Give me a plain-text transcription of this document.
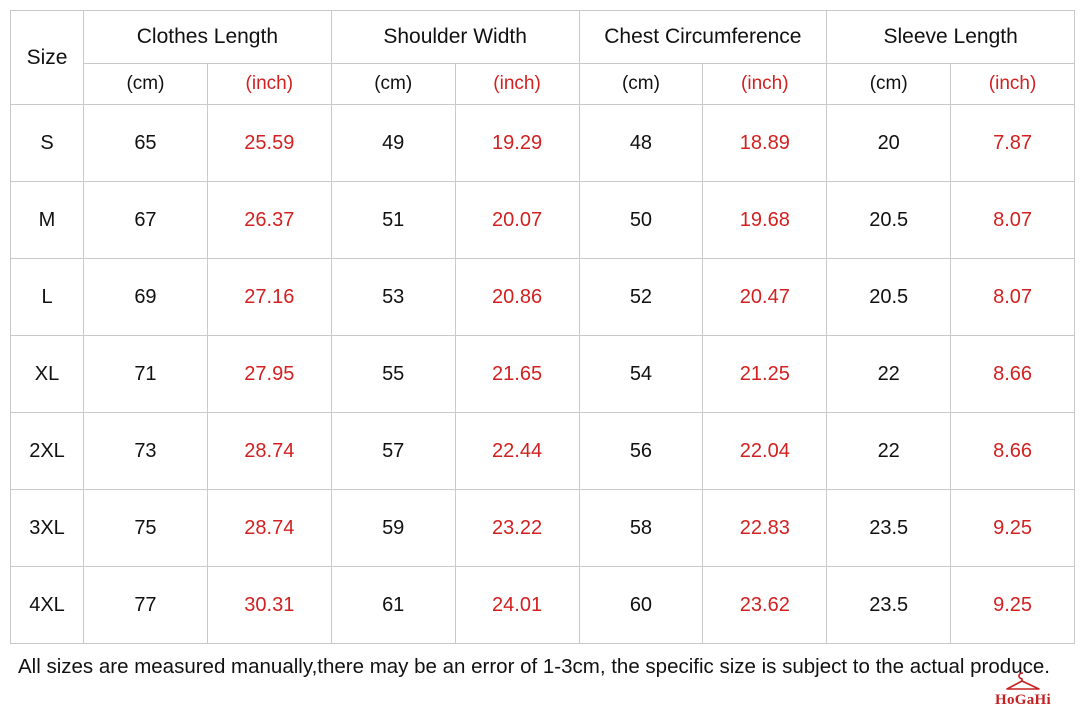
Size	Clothes Length		Shoulder Width		Chest Circumference		Sleeve Length	
	(cm)	(inch)	(cm)	(inch)	(cm)	(inch)	(cm)	(inch)
S	65	25.59	49	19.29	48	18.89	20	7.87
M	67	26.37	51	20.07	50	19.68	20.5	8.07
L	69	27.16	53	20.86	52	20.47	20.5	8.07
XL	71	27.95	55	21.65	54	21.25	22	8.66
2XL	73	28.74	57	22.44	56	22.04	22	8.66
3XL	75	28.74	59	23.22	58	22.83	23.5	9.25
4XL	77	30.31	61	24.01	60	23.62	23.5	9.25
All sizes are measured manually,there may be an error of 1-3cm, the specific size is subject to the actual produce.
HoGaHi
